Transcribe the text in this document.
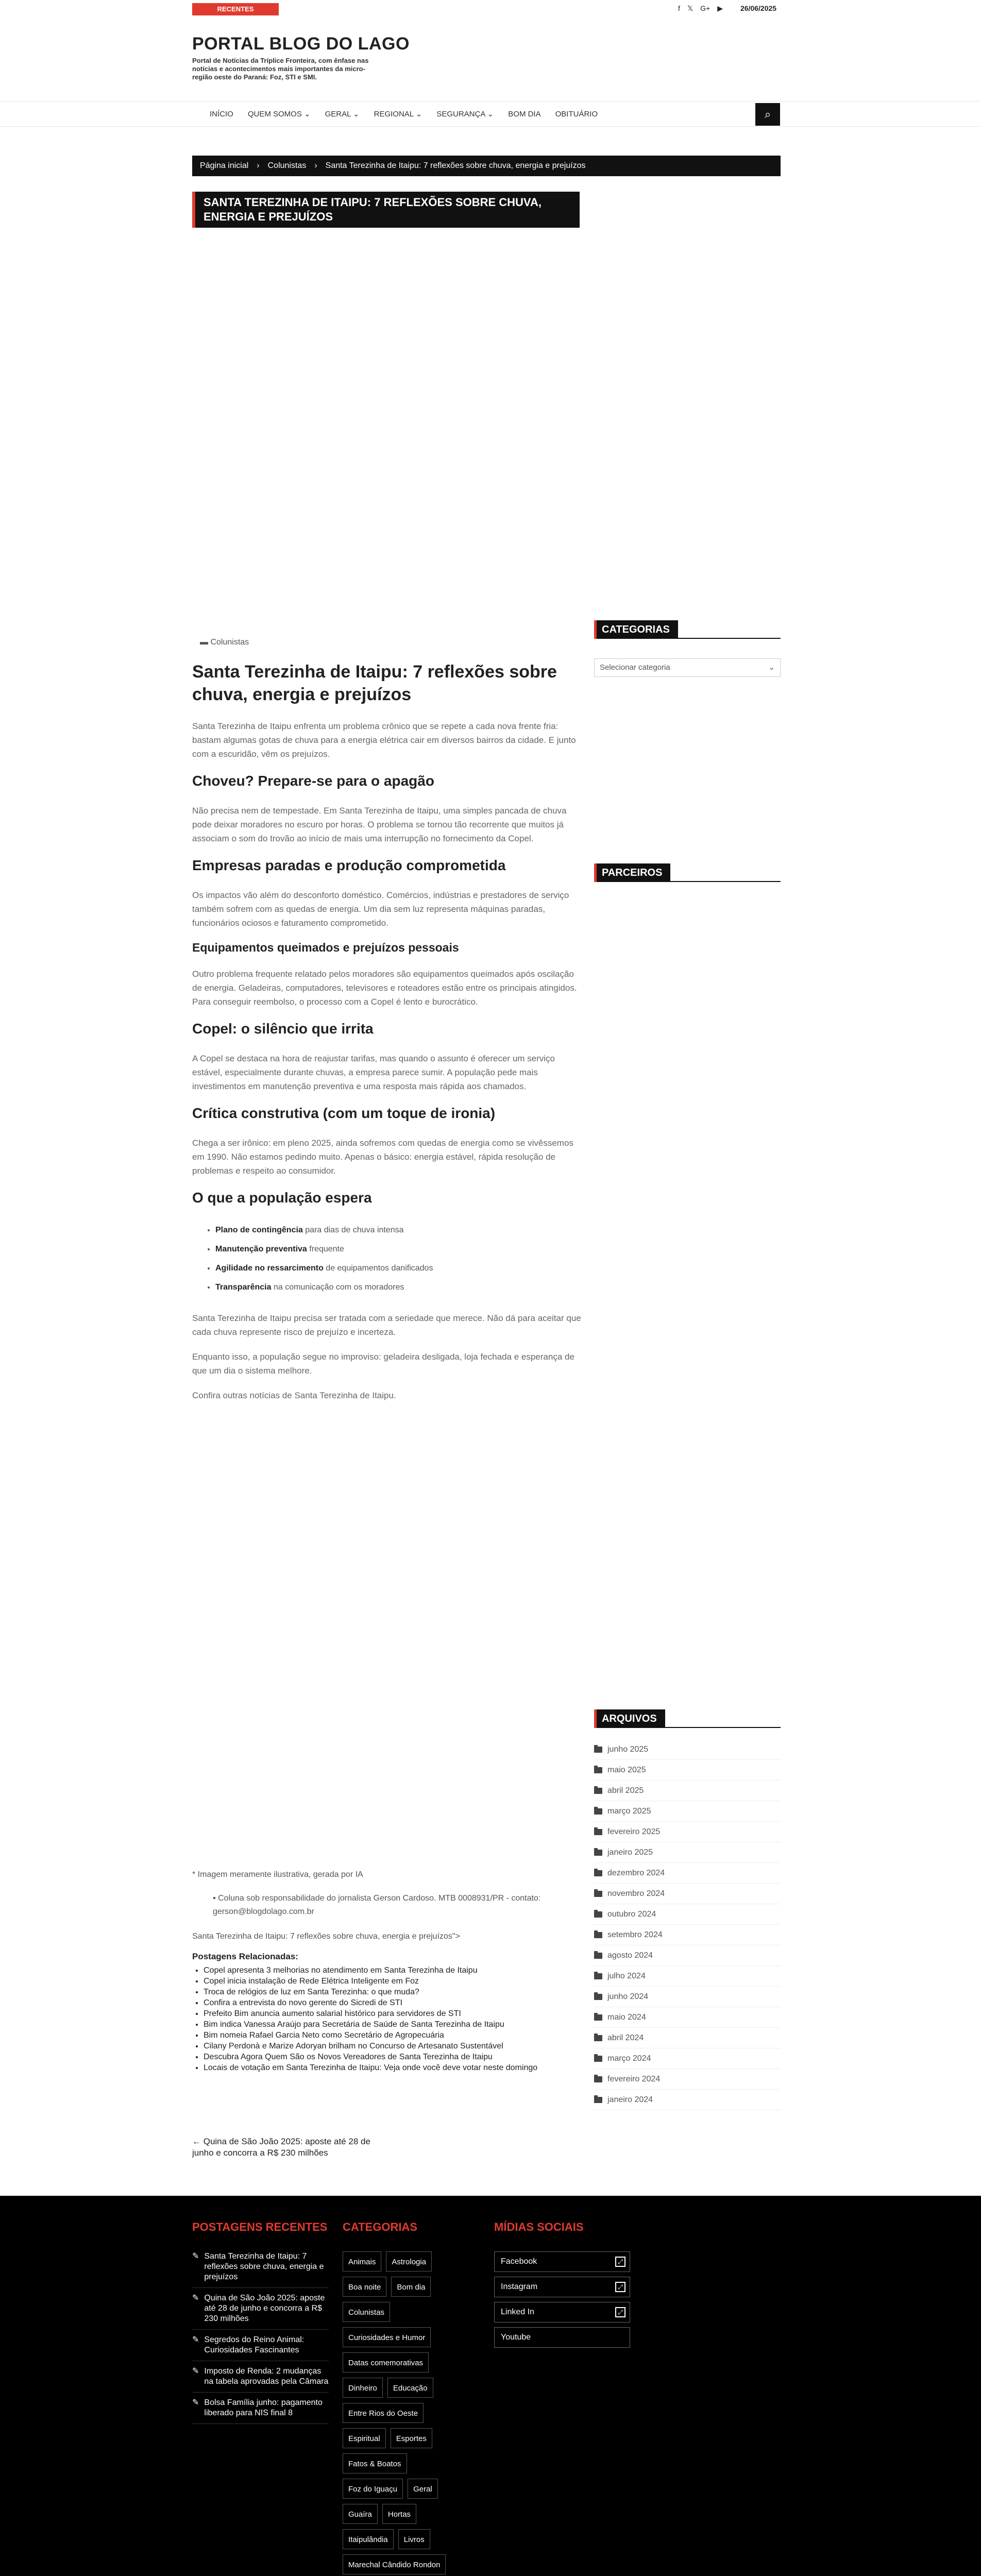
RECENTES	f 𝕏 G+ ▶ 26/06/2025
PORTAL BLOG DO LAGO
Portal de Notícias da Tríplice Fronteira, com ênfase nas notícias e acontecimentos mais importantes da micro-região oeste do Paraná: Foz, STI e SMI.
INÍCIO	QUEM SOMOS ⌄	GERAL ⌄	REGIONAL ⌄	SEGURANÇA ⌄	BOM DIA	OBITUÁRIO	⌕
Página inicial › Colunistas › Santa Terezinha de Itaipu: 7 reflexões sobre chuva, energia e prejuízos
SANTA TEREZINHA DE ITAIPU: 7 REFLEXÕES SOBRE CHUVA, ENERGIA E PREJUÍZOS
▬ Colunistas
Santa Terezinha de Itaipu: 7 reflexões sobre chuva, energia e prejuízos

Santa Terezinha de Itaipu enfrenta um problema crônico que se repete a cada nova frente fria: bastam algumas gotas de chuva para a energia elétrica cair em diversos bairros da cidade. E junto com a escuridão, vêm os prejuízos.

Choveu? Prepare-se para o apagão

Não precisa nem de tempestade. Em Santa Terezinha de Itaipu, uma simples pancada de chuva pode deixar moradores no escuro por horas. O problema se tornou tão recorrente que muitos já associam o som do trovão ao início de mais uma interrupção no fornecimento da Copel.

Empresas paradas e produção comprometida

Os impactos vão além do desconforto doméstico. Comércios, indústrias e prestadores de serviço também sofrem com as quedas de energia. Um dia sem luz representa máquinas paradas, funcionários ociosos e faturamento comprometido.

Equipamentos queimados e prejuízos pessoais

Outro problema frequente relatado pelos moradores são equipamentos queimados após oscilação de energia. Geladeiras, computadores, televisores e roteadores estão entre os principais atingidos. Para conseguir reembolso, o processo com a Copel é lento e burocrático.

Copel: o silêncio que irrita

A Copel se destaca na hora de reajustar tarifas, mas quando o assunto é oferecer um serviço estável, especialmente durante chuvas, a empresa parece sumir. A população pede mais investimentos em manutenção preventiva e uma resposta mais rápida aos chamados.

Crítica construtiva (com um toque de ironia)

Chega a ser irônico: em pleno 2025, ainda sofremos com quedas de energia como se vivêssemos em 1990. Não estamos pedindo muito. Apenas o básico: energia estável, rápida resolução de problemas e respeito ao consumidor.

O que a população espera
• Plano de contingência para dias de chuva intensa
• Manutenção preventiva frequente
• Agilidade no ressarcimento de equipamentos danificados
• Transparência na comunicação com os moradores

Santa Terezinha de Itaipu precisa ser tratada com a seriedade que merece. Não dá para aceitar que cada chuva represente risco de prejuízo e incerteza.

Enquanto isso, a população segue no improviso: geladeira desligada, loja fechada e esperança de que um dia o sistema melhore.

Confira outras notícias de Santa Terezinha de Itaipu.

* Imagem meramente ilustrativa, gerada por IA
▪ Coluna sob responsabilidade do jornalista Gerson Cardoso. MTB 0008931/PR - contato: gerson@blogdolago.com.br
Santa Terezinha de Itaipu: 7 reflexões sobre chuva, energia e prejuízos">
Postagens Relacionadas:
• Copel apresenta 3 melhorias no atendimento em Santa Terezinha de Itaipu
• Copel inicia instalação de Rede Elétrica Inteligente em Foz
• Troca de relógios de luz em Santa Terezinha: o que muda?
• Confira a entrevista do novo gerente do Sicredi de STI
• Prefeito Bim anuncia aumento salarial histórico para servidores de STI
• Bim indica Vanessa Araújo para Secretária de Saúde de Santa Terezinha de Itaipu
• Bim nomeia Rafael Garcia Neto como Secretário de Agropecuária
• Cilany Perdonà e Marize Adoryan brilham no Concurso de Artesanato Sustentável
• Descubra Agora Quem São os Novos Vereadores de Santa Terezinha de Itaipu
• Locais de votação em Santa Terezinha de Itaipu: Veja onde você deve votar neste domingo
← Quina de São João 2025: aposte até 28 de junho e concorra a R$ 230 milhões
CATEGORIAS
Selecionar categoria	⌄
PARCEIROS
ARQUIVOS
junho 2025
maio 2025
abril 2025
março 2025
fevereiro 2025
janeiro 2025
dezembro 2024
novembro 2024
outubro 2024
setembro 2024
agosto 2024
julho 2024
junho 2024
maio 2024
abril 2024
março 2024
fevereiro 2024
janeiro 2024
POSTAGENS RECENTES
✎ Santa Terezinha de Itaipu: 7 reflexões sobre chuva, energia e prejuízos
✎ Quina de São João 2025: aposte até 28 de junho e concorra a R$ 230 milhões
✎ Segredos do Reino Animal: Curiosidades Fascinantes
✎ Imposto de Renda: 2 mudanças na tabela aprovadas pela Câmara
✎ Bolsa Família junho: pagamento liberado para NIS final 8
CATEGORIAS
Animais	Astrologia
Boa noite	Bom dia
Colunistas
Curiosidades e Humor
Datas comemorativas
Dinheiro	Educação
Entre Rios do Oeste
Espiritual	Esportes
Fatos & Boatos
Foz do Iguaçu	Geral
Guaíra	Hortas
Itaipulândia	Livros
Marechal Cândido Rondon
MÍDIAS SOCIAIS
Facebook	⤢
Instagram	⤢
Linked In	⤢
Youtube
